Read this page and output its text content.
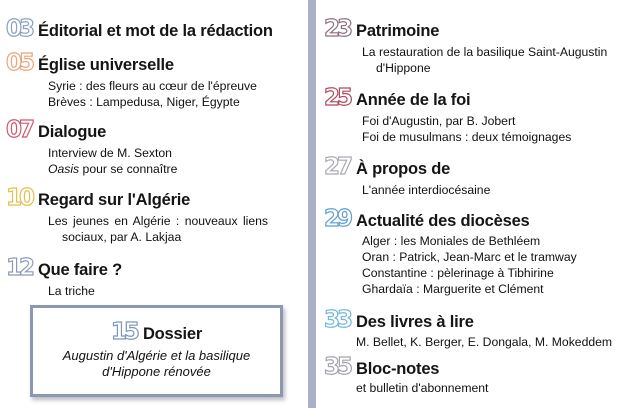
03 Éditorial et mot de la rédaction
05 Église universelle
Syrie : des fleurs au cœur de l'épreuve
Brèves : Lampedusa, Niger, Égypte
07 Dialogue
Interview de M. Sexton
Oasis pour se connaître
10 Regard sur l'Algérie
Les jeunes en Algérie : nouveaux liens
sociaux, par A. Lakjaa
12 Que faire ?
La triche
15 Dossier
Augustin d'Algérie et la basilique
d'Hippone rénovée
23 Patrimoine
La restauration de la basilique Saint-Augustin
d'Hippone
25 Année de la foi
Foi d'Augustin, par B. Jobert
Foi de musulmans : deux témoignages
27 À propos de
L'année interdiocésaine
29 Actualité des diocèses
Alger : les Moniales de Bethléem
Oran : Patrick, Jean-Marc et le tramway
Constantine : pèlerinage à Tibhirine
Ghardaïa : Marguerite et Clément
33 Des livres à lire
M. Bellet, K. Berger, E. Dongala, M. Mokeddem
35 Bloc-notes
et bulletin d'abonnement
